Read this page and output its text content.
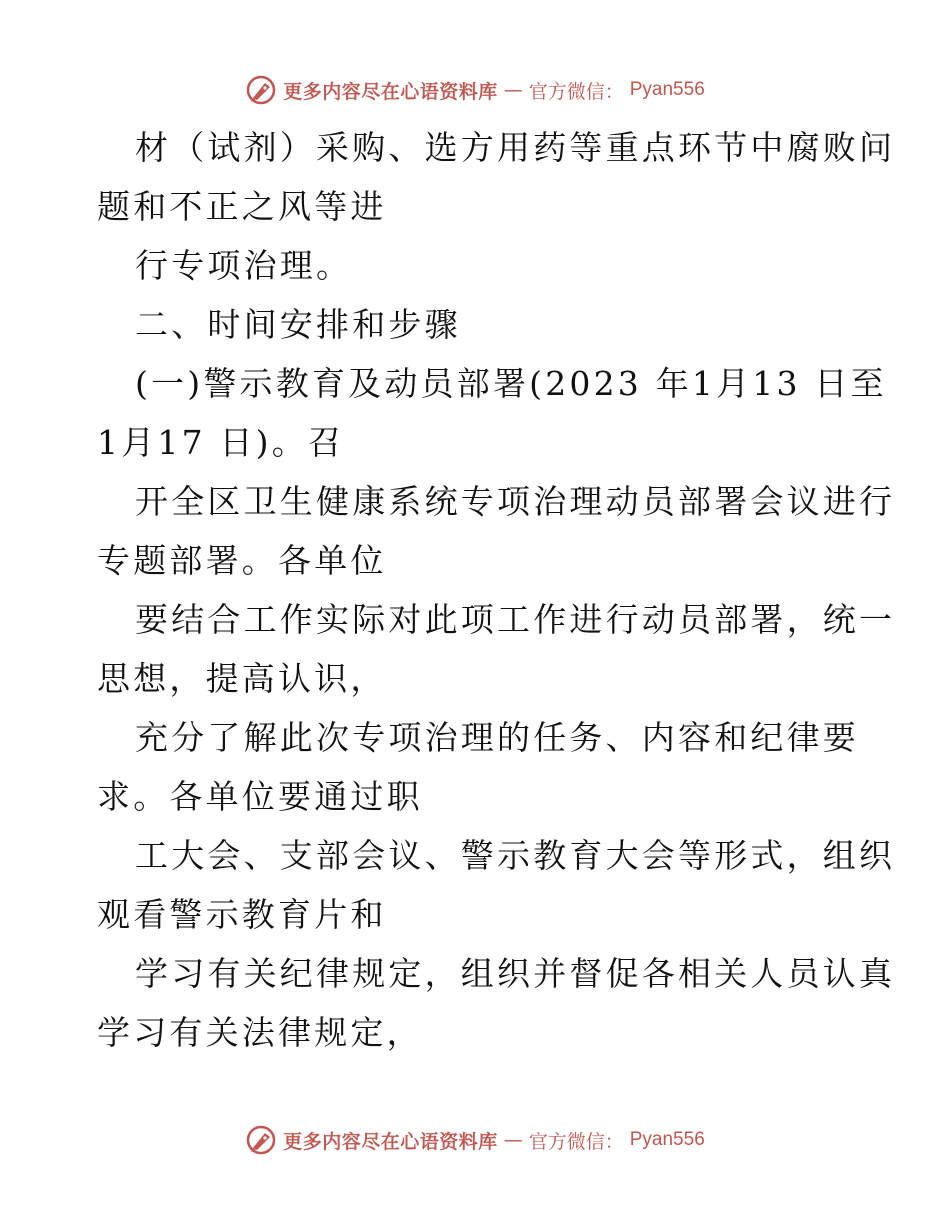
更多内容尽在心语资料库 — 官方微信： Pyan556
材（试剂）采购、选方用药等重点环节中腐败问
题和不正之风等进
行专项治理。
二、时间安排和步骤
(一)警示教育及动员部署(2023 年1月13 日至
1月17 日)。召
开全区卫生健康系统专项治理动员部署会议进行
专题部署。各单位
要结合工作实际对此项工作进行动员部署，统一
思想，提高认识，
充分了解此次专项治理的任务、内容和纪律要
求。各单位要通过职
工大会、支部会议、警示教育大会等形式，组织
观看警示教育片和
学习有关纪律规定，组织并督促各相关人员认真
学习有关法律规定，
更多内容尽在心语资料库 — 官方微信： Pyan556
